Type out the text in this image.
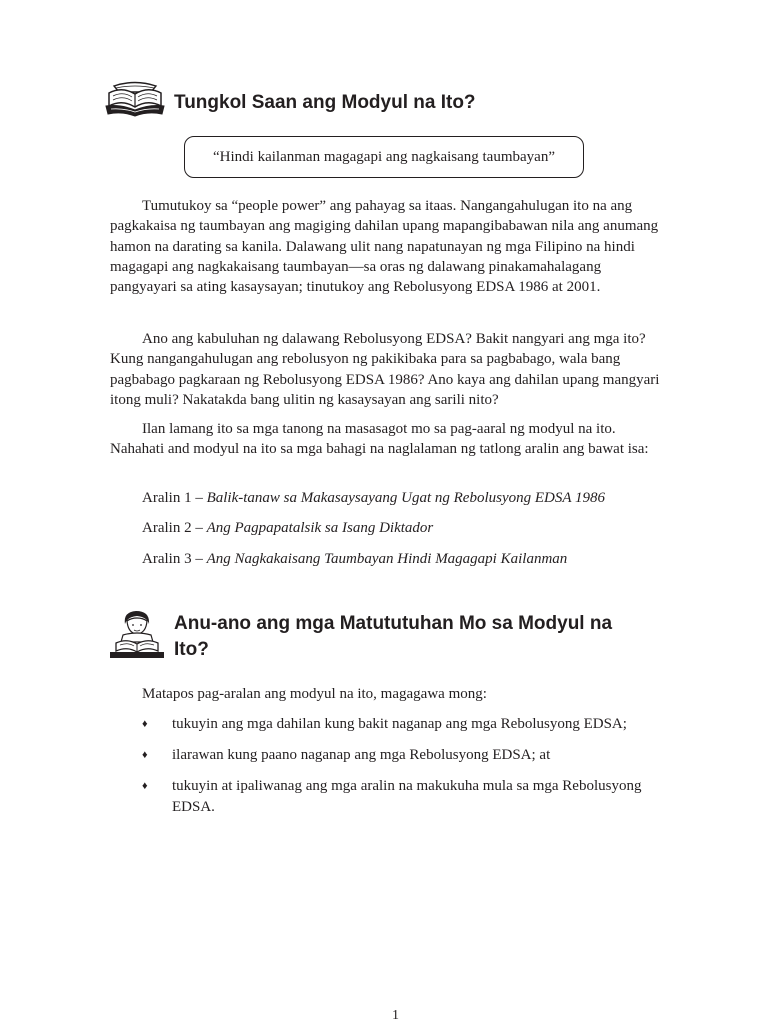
Tungkol Saan ang Modyul na Ito?
“Hindi kailanman magagapi ang nagkaisang taumbayan”

Tumutukoy sa “people power” ang pahayag sa itaas. Nangangahulugan ito na ang pagkakaisa ng taumbayan ang magiging dahilan upang mapangibabawan nila ang anumang hamon na darating sa kanila. Dalawang ulit nang napatunayan ng mga Filipino na hindi magagapi ang nagkakaisang taumbayan—sa oras ng dalawang pinakamahalagang pangyayari sa ating kasaysayan; tinutukoy ang Rebolusyong EDSA 1986 at 2001.

Ano ang kabuluhan ng dalawang Rebolusyong EDSA? Bakit nangyari ang mga ito? Kung nangangahulugan ang rebolusyon ng pakikibaka para sa pagbabago, wala bang pagbabago pagkaraan ng Rebolusyong EDSA 1986? Ano kaya ang dahilan upang mangyari itong muli? Nakatakda bang ulitin ng kasaysayan ang sarili nito?

Ilan lamang ito sa mga tanong na masasagot mo sa pag-aaral ng modyul na ito. Nahahati and modyul na ito sa mga bahagi na naglalaman ng tatlong aralin ang bawat isa:

Aralin 1 – Balik-tanaw sa Makasaysayang Ugat ng Rebolusyong EDSA 1986
Aralin 2 – Ang Pagpapatalsik sa Isang Diktador
Aralin 3 – Ang Nagkakaisang Taumbayan Hindi Magagapi Kailanman
Anu-ano ang mga Matututuhan Mo sa Modyul na
Ito?
Matapos pag-aralan ang modyul na ito, magagawa mong:
♦ tukuyin ang mga dahilan kung bakit naganap ang mga Rebolusyong EDSA;
♦ ilarawan kung paano naganap ang mga Rebolusyong EDSA; at
♦ tukuyin at ipaliwanag ang mga aralin na makukuha mula sa mga Rebolusyong EDSA.
1
